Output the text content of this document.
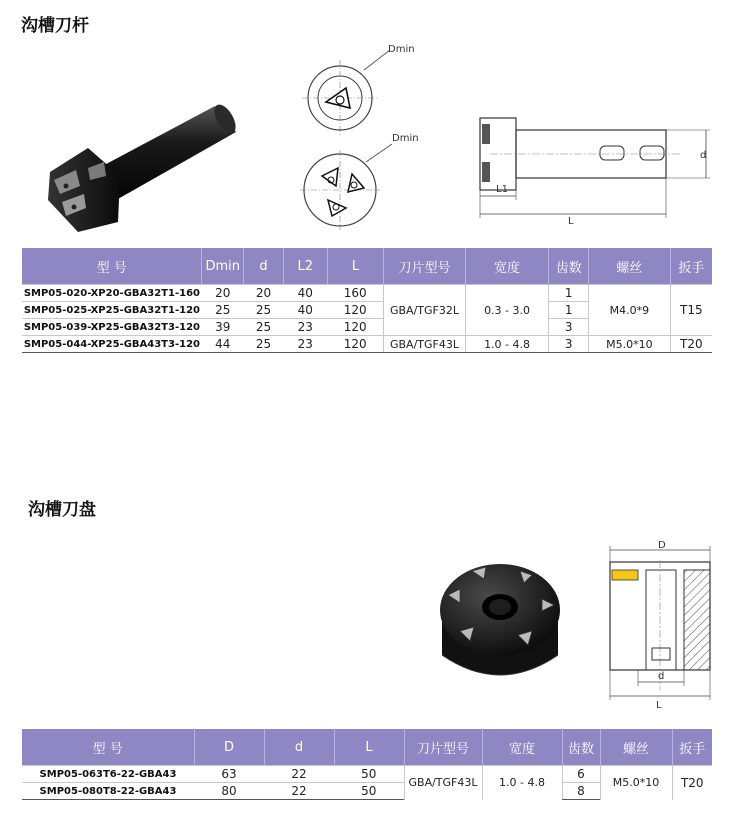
沟槽刀杆
Dmin
Dmin
d
L1
L
型 号	Dmin	d	L2	L	刀片型号	宽度	齿数	螺丝	扳手
SMP05-020-XP20-GBA32T1-160	20	20	40	160	GBA/TGF32L	0.3 - 3.0	1	M4.0*9	T15
SMP05-025-XP25-GBA32T1-120	25	25	40	120			1		
SMP05-039-XP25-GBA32T3-120	39	25	23	120			3		
SMP05-044-XP25-GBA43T3-120	44	25	23	120	GBA/TGF43L	1.0 - 4.8	3	M5.0*10	T20
沟槽刀盘
D
d
L
型 号	D	d	L	刀片型号	宽度	齿数	螺丝	扳手
SMP05-063T6-22-GBA43	63	22	50	GBA/TGF43L	1.0 - 4.8	6	M5.0*10	T20
SMP05-080T8-22-GBA43	80	22	50			8		
